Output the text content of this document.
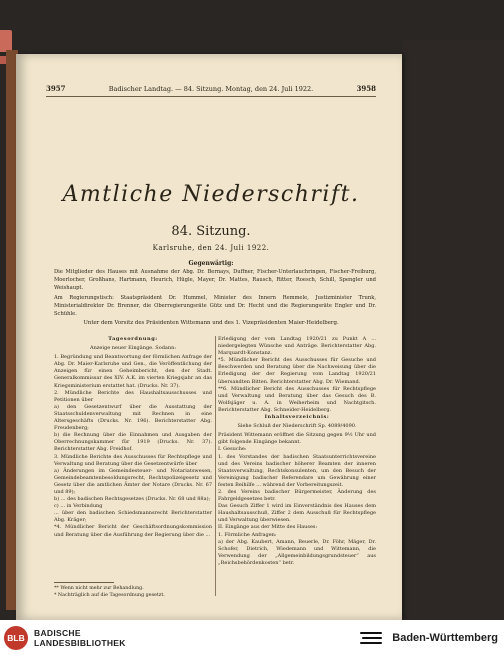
3957	Badischer Landtag. — 84. Sitzung. Montag, den 24. Juli 1922.	3958
Amtliche Niederschrift.
84. Sitzung.
Karlsruhe, den 24. Juli 1922.
Gegenwärtig:
Die Mitglieder des Hauses mit Ausnahme der Abg. Dr. Bernays, Duffner, Fischer-Unterlauchringen, Fischer-Freiburg, Moerlocher, Großhans, Hartmann, Heurich, Hügle, Mayer, Dr. Mattes, Rausch, Ritter, Roesch, Schill, Spengler und Weishaupt.
Am Regierungstisch: Staatspräsident Dr. Hummel, Minister des Innern Remmele, Justizminister Trunk, Ministerialdirektor Dr. Brenner, die Oberregierungsräte Gütz und Dr. Hecht und die Regierungsräte Engler und Dr. Schühle.
Unter dem Vorsitz des Präsidenten Wittemann und des 1. Vizepräsidenten Maier-Heidelberg.
Tagesordnung:
Anzeige neuer Eingänge. Sodann:

1. Begründung und Beantwortung der förmlichen Anfrage der Abg. Dr. Maier-Karlsruhe und Gen., die Veröffentlichung der Anzeigen für einen Geheimbericht, den der Stadt. Generalkommissar des XIV. A.K. im vierten Kriegsjahr an das Kriegsministerium erstattet hat. (Drucks. Nr. 37).

2. Mündliche Berichte des Haushaltsausschusses und Petitionen über

a) den Gesetzentwurf über die Ausstattung der Staatsschuldenverwaltung mit Rechnen in eine Altersgeschäfts (Drucks. Nr. 196). Berichterstatter Abg. Freudenberg;

b) die Rechnung über die Einnahmen und Ausgaben der Oberrechnungskammer für 1919 (Drucks. Nr. 37). Berichterstatter Abg. Freidhof.

3. Mündliche Berichte des Ausschusses für Rechtspflege und Verwaltung und Beratung über die Gesetzentwürfe über

a) Änderungen im Gemeindesteuer- und Notariatswesen, Gemeindebeamtenbesoldungsrecht, Rechtspolizeigesetz und Gesetz über die amtlichen Ämter der Notare (Drucks. Nr. 67 und 89);

b) ... des badischen Rechtsgesetzes (Drucks. Nr. 68 und 88a);

c) ... in Verbindung

... über den badischen Schiedsmannsrecht Berichterstatter Abg. Kräger;

*4. Mündlicher Bericht der Geschäftsordnungskommission und Beratung über die Ausführung der Regierung über die ...

Erledigung der vom Landtag 1920/21 zu Punkt A ... niedergelegten Wünsche und Anträge. Berichterstatter Abg. Marquardt-Konstanz.

*5. Mündlicher Bericht des Ausschusses für Gesuche und Beschwerden und Beratung über die Nachweisung über die Erledigung der der Regierung vom Landtag 1920/21 übersandten Bitten. Berichterstatter Abg. Dr. Wiemand.

**6. Mündlicher Bericht des Ausschusses für Rechtspflege und Verwaltung und Beratung über das Gesuch des B. Wolfsjäger u. A. in Weiherheim und Nachtgitsch. Berichterstatter Abg. Schneider-Heidelberg.

Inhaltsverzeichnis:
Siehe Schluß der Niederschrift Sp. 4089/4090.

Präsident Wittemann eröffnet die Sitzung gegen 9½ Uhr und gibt folgende Eingänge bekannt.

I. Gesuche:

1. des Vorstandes der badischen Staatsunterrichtsvereine und des Vereins badischer höherer Beamten der inneren Staatsverwaltung, Rechtskonsulenten, um den Besuch der Vereinigung badischer Referendare um Gewährung einer festen Beihilfe ... während der Vorbereitungszeit.

2. des Vereins badischer Bürgermeister, Änderung des Fahrgeldgesetzes betr.

Das Gesuch Ziffer 1 wird im Einverständnis des Hauses dem Haushaltsausschuß, Ziffer 2 dem Ausschuß für Rechtspflege und Verwaltung überwiesen.

II. Eingänge aus der Mitte des Hauses:

1. Förmliche Anfragen:

a) der Abg. Kaubert, Amann, Beuerle, Dr. Föhr, Mäger, Dr. Schofer, Dietrich, Wiedemann und Wittemann, die Verwendung der „Allgemeinbildungsgrundsteuer“ aus „Reichsbehördenkosten“ betr.

** Wenn nicht mehr zur Behandlung.
* Nachträglich auf die Tagesordnung gesetzt.
BLB	BADISCHE
LANDESBIBLIOTHEK	Baden-Württemberg
